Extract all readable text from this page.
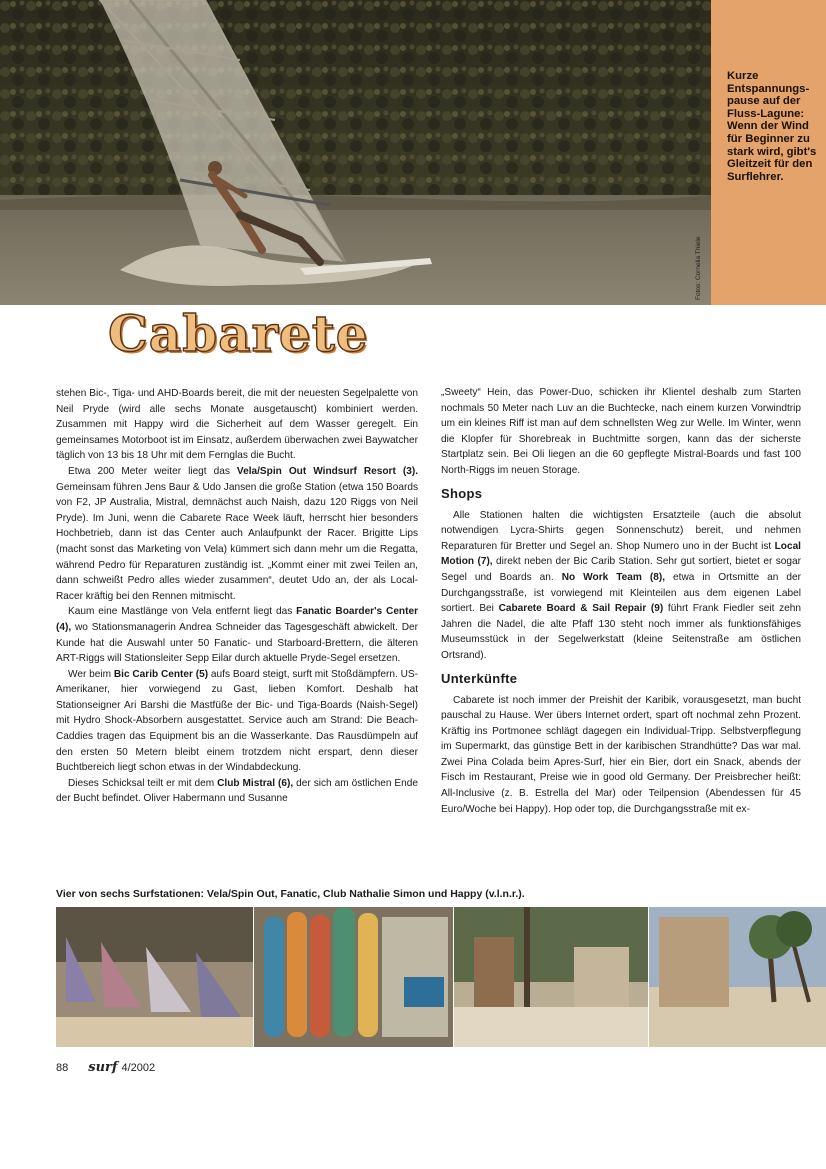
Kurze Entspannungs-pause auf der Fluss-Lagune: Wenn der Wind für Beginner zu stark wird, gibt's Gleitzeit für den Surflehrer.
Fotos: Cornelia Thiele
Cabarete

stehen Bic-, Tiga- und AHD-Boards bereit, die mit der neuesten Segelpalette von Neil Pryde (wird alle sechs Monate ausgetauscht) kombiniert werden. Zusammen mit Happy wird die Sicherheit auf dem Wasser geregelt. Ein gemeinsames Motorboot ist im Einsatz, außerdem überwachen zwei Baywatcher täglich von 13 bis 18 Uhr mit dem Fernglas die Bucht.

Etwa 200 Meter weiter liegt das Vela/Spin Out Windsurf Resort (3). Gemeinsam führen Jens Baur & Udo Jansen die große Station (etwa 150 Boards von F2, JP Australia, Mistral, demnächst auch Naish, dazu 120 Riggs von Neil Pryde). Im Juni, wenn die Cabarete Race Week läuft, herrscht hier besonders Hochbetrieb, dann ist das Center auch Anlaufpunkt der Racer. Brigitte Lips (macht sonst das Marketing von Vela) kümmert sich dann mehr um die Regatta, während Pedro für Reparaturen zuständig ist. „Kommt einer mit zwei Teilen an, dann schweißt Pedro alles wieder zusammen“, deutet Udo an, der als Local-Racer kräftig bei den Rennen mitmischt.

Kaum eine Mastlänge von Vela entfernt liegt das Fanatic Boarder's Center (4), wo Stationsmanagerin Andrea Schneider das Tagesgeschäft abwickelt. Der Kunde hat die Auswahl unter 50 Fanatic- und Starboard-Brettern, die älteren ART-Riggs will Stationsleiter Sepp Eilar durch aktuelle Pryde-Segel ersetzen.

Wer beim Bic Carib Center (5) aufs Board steigt, surft mit Stoßdämpfern. US-Amerikaner, hier vorwiegend zu Gast, lieben Komfort. Deshalb hat Stationseigner Ari Barshi die Mastfüße der Bic- und Tiga-Boards (Naish-Segel) mit Hydro Shock-Absorbern ausgestattet. Service auch am Strand: Die Beach-Caddies tragen das Equipment bis an die Wasserkante. Das Rausdümpeln auf den ersten 50 Metern bleibt einem trotzdem nicht erspart, denn dieser Buchtbereich liegt schon etwas in der Windabdeckung.

Dieses Schicksal teilt er mit dem Club Mistral (6), der sich am östlichen Ende der Bucht befindet. Oliver Habermann und Susanne

„Sweety“ Hein, das Power-Duo, schicken ihr Klientel deshalb zum Starten nochmals 50 Meter nach Luv an die Buchtecke, nach einem kurzen Vorwindtrip um ein kleines Riff ist man auf dem schnellsten Weg zur Welle. Im Winter, wenn die Klopfer für Shorebreak in Buchtmitte sorgen, kann das der sicherste Startplatz sein. Bei Oli liegen an die 60 gepflegte Mistral-Boards und fast 100 North-Riggs im neuen Storage.

Shops

Alle Stationen halten die wichtigsten Ersatzteile (auch die absolut notwendigen Lycra-Shirts gegen Sonnenschutz) bereit, und nehmen Reparaturen für Bretter und Segel an. Shop Numero uno in der Bucht ist Local Motion (7), direkt neben der Bic Carib Station. Sehr gut sortiert, bietet er sogar Segel und Boards an. No Work Team (8), etwa in Ortsmitte an der Durchgangsstraße, ist vorwiegend mit Kleinteilen aus dem eigenen Label sortiert. Bei Cabarete Board & Sail Repair (9) führt Frank Fiedler seit zehn Jahren die Nadel, die alte Pfaff 130 steht noch immer als funktionsfähiges Museumsstück in der Segelwerkstatt (kleine Seitenstraße am östlichen Ortsrand).

Unterkünfte

Cabarete ist noch immer der Preishit der Karibik, vorausgesetzt, man bucht pauschal zu Hause. Wer übers Internet ordert, spart oft nochmal zehn Prozent. Kräftig ins Portmonee schlägt dagegen ein Individual-Tripp. Selbstverpflegung im Supermarkt, das günstige Bett in der karibischen Strandhütte? Das war mal. Zwei Pina Colada beim Apres-Surf, hier ein Bier, dort ein Snack, abends der Fisch im Restaurant, Preise wie in good old Germany. Der Preisbrecher heißt: All-Inclusive (z. B. Estrella del Mar) oder Teilpension (Abendessen für 45 Euro/Woche bei Happy). Hop oder top, die Durchgangsstraße mit ex-

Vier von sechs Surfstationen: Vela/Spin Out, Fanatic, Club Nathalie Simon und Happy (v.l.n.r.).
88 surf 4/2002
